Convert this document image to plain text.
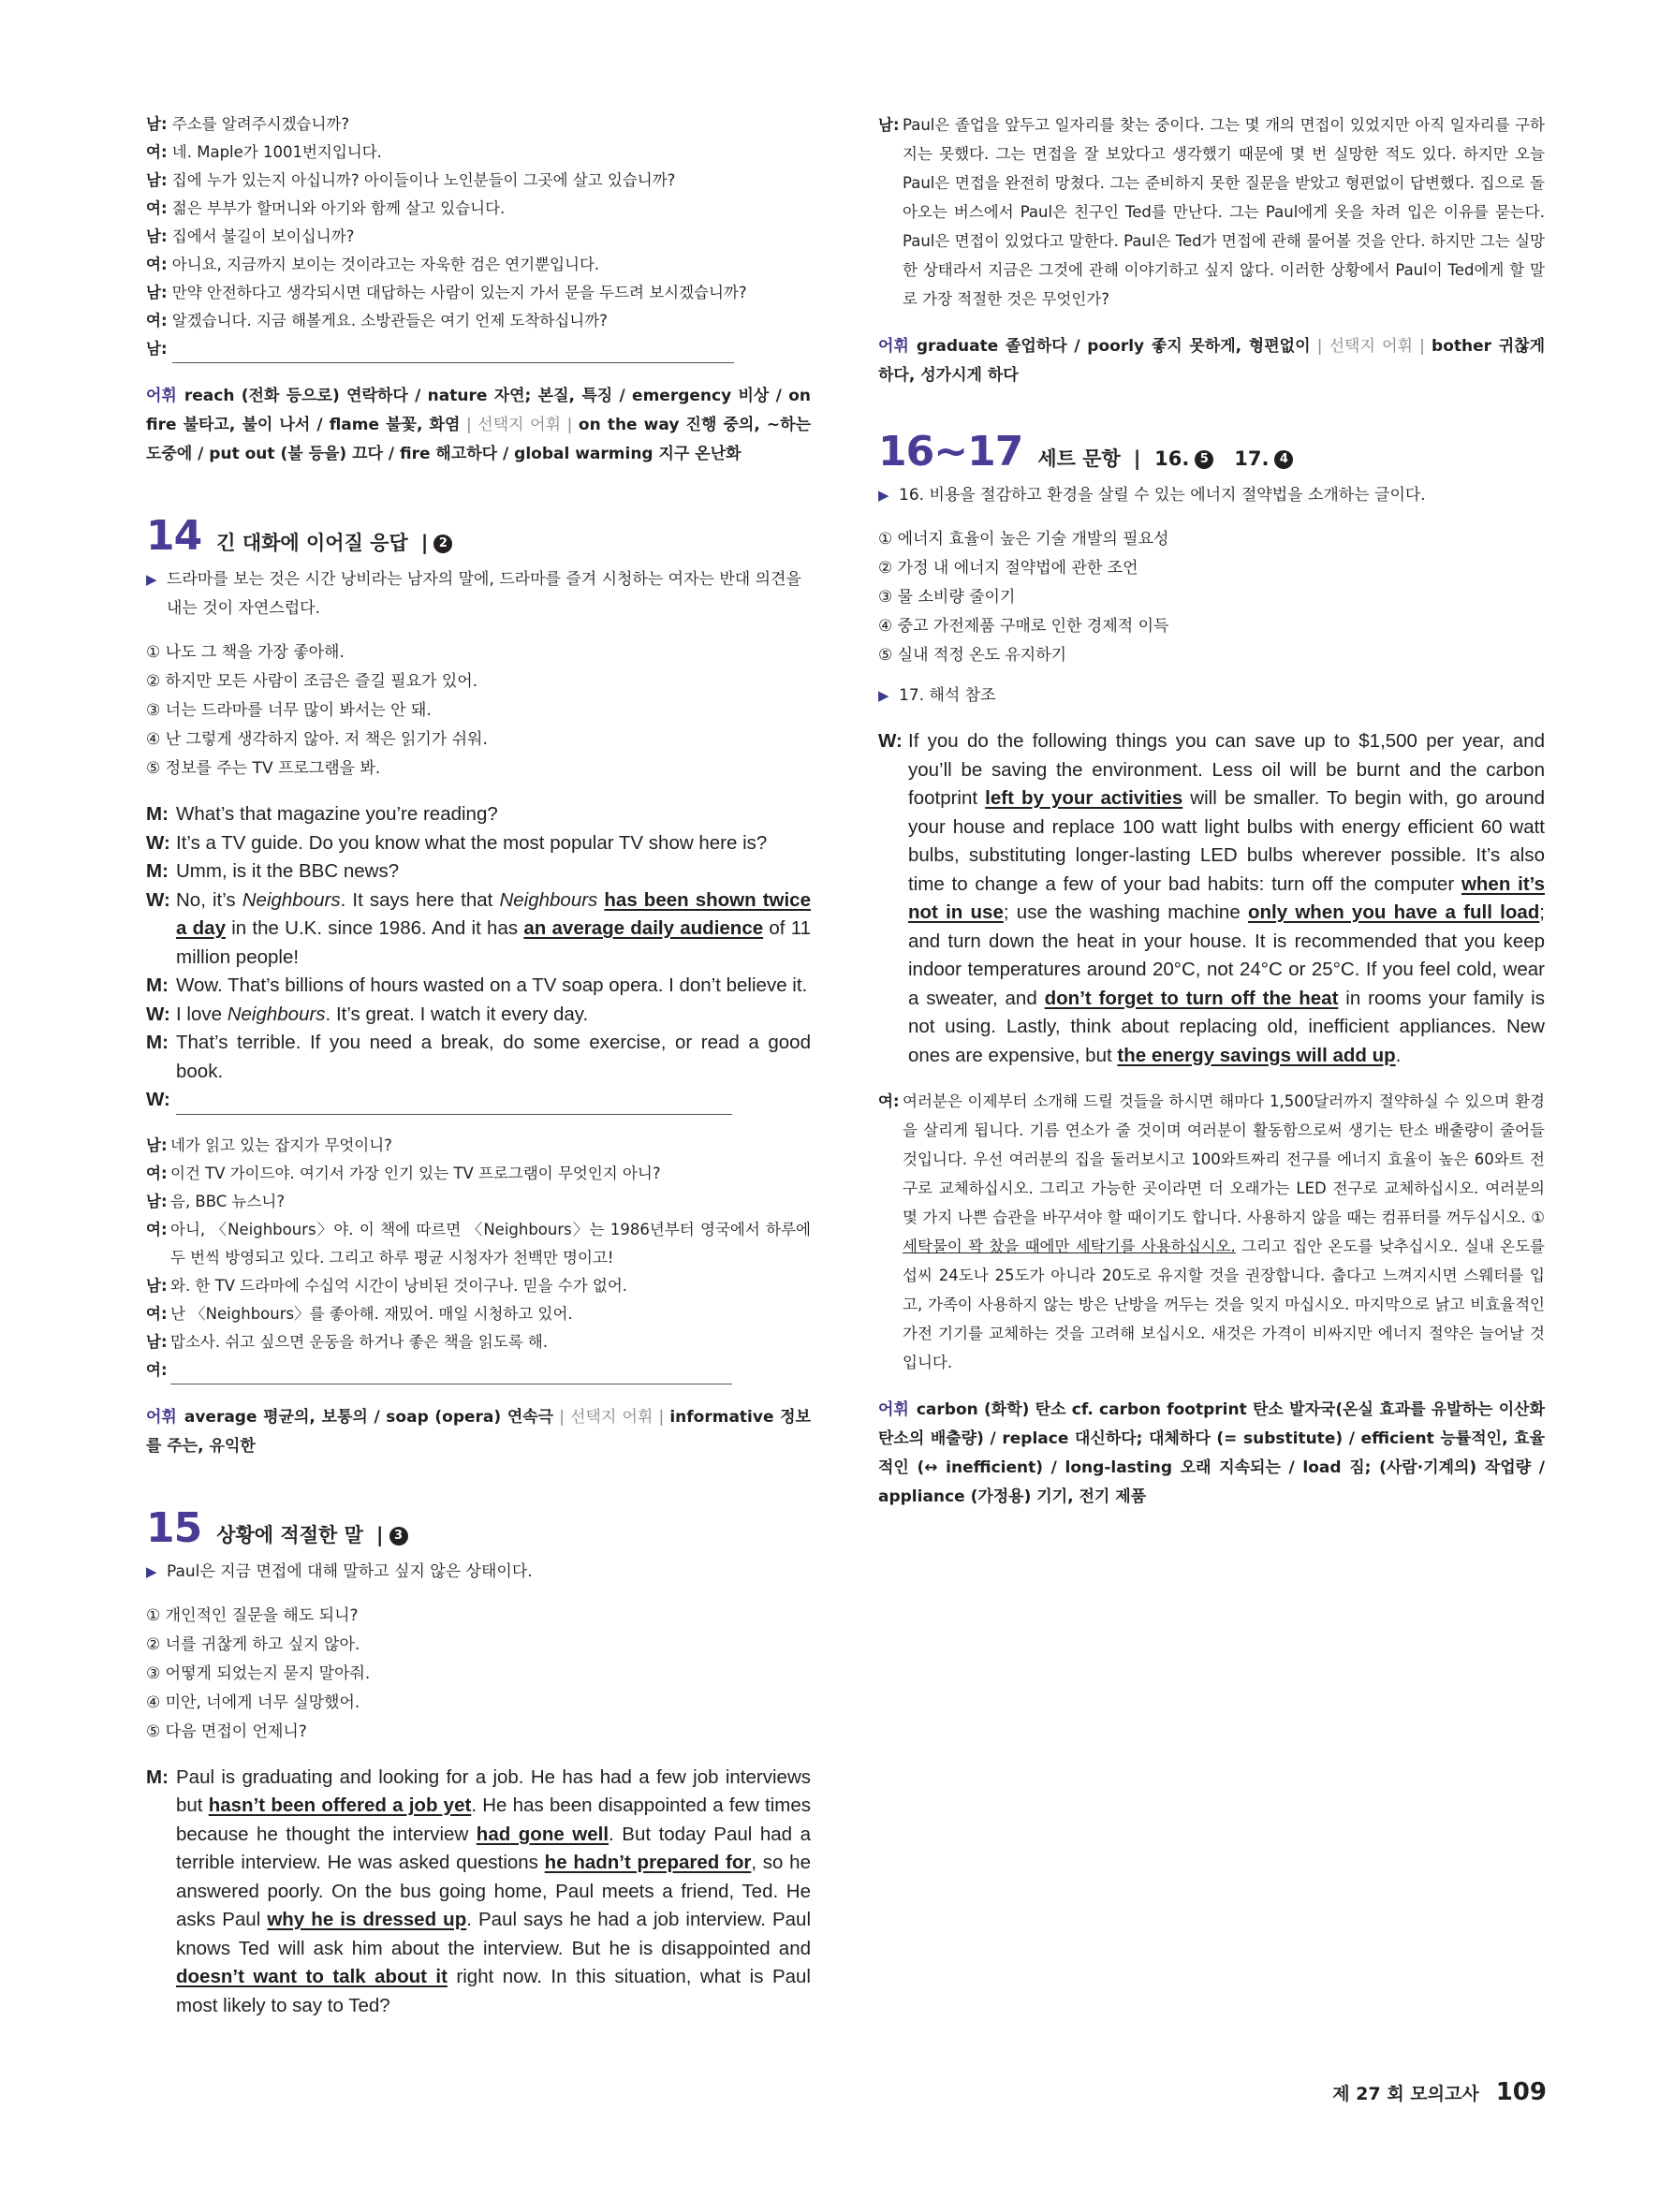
남: 주소를 알려주시겠습니까?
여: 네. Maple가 1001번지입니다.
남: 집에 누가 있는지 아십니까? 아이들이나 노인분들이 그곳에 살고 있습니까?
여: 젊은 부부가 할머니와 아기와 함께 살고 있습니다.
남: 집에서 불길이 보이십니까?
여: 아니요, 지금까지 보이는 것이라고는 자욱한 검은 연기뿐입니다.
남: 만약 안전하다고 생각되시면 대답하는 사람이 있는지 가서 문을 두드려 보시겠습니까?
여: 알겠습니다. 지금 해볼게요. 소방관들은 여기 언제 도착하십니까?
남:
어휘 reach (전화 등으로) 연락하다 / nature 자연; 본질, 특징 / emergency 비상 / on fire 불타고, 불이 나서 / flame 불꽃, 화염 | 선택지 어휘 | on the way 진행 중의, ~하는 도중에 / put out (불 등을) 끄다 / fire 해고하다 / global warming 지구 온난화
14 긴 대화에 이어질 응답 | 2
▶ 드라마를 보는 것은 시간 낭비라는 남자의 말에, 드라마를 즐겨 시청하는 여자는 반대 의견을 내는 것이 자연스럽다.
① 나도 그 책을 가장 좋아해.
② 하지만 모든 사람이 조금은 즐길 필요가 있어.
③ 너는 드라마를 너무 많이 봐서는 안 돼.
④ 난 그렇게 생각하지 않아. 저 책은 읽기가 쉬워.
⑤ 정보를 주는 TV 프로그램을 봐.
M: What’s that magazine you’re reading?
W: It’s a TV guide. Do you know what the most popular TV show here is?
M: Umm, is it the BBC news?
W: No, it’s Neighbours. It says here that Neighbours has been shown twice a day in the U.K. since 1986. And it has an average daily audience of 11 million people!
M: Wow. That’s billions of hours wasted on a TV soap opera. I don’t believe it.
W: I love Neighbours. It’s great. I watch it every day.
M: That’s terrible. If you need a break, do some exercise, or read a good book.
W:
남: 네가 읽고 있는 잡지가 무엇이니?
여: 이건 TV 가이드야. 여기서 가장 인기 있는 TV 프로그램이 무엇인지 아니?
남: 음, BBC 뉴스니?
여: 아니, 〈Neighbours〉야. 이 책에 따르면 〈Neighbours〉는 1986년부터 영국에서 하루에 두 번씩 방영되고 있다. 그리고 하루 평균 시청자가 천백만 명이고!
남: 와. 한 TV 드라마에 수십억 시간이 낭비된 것이구나. 믿을 수가 없어.
여: 난 〈Neighbours〉를 좋아해. 재밌어. 매일 시청하고 있어.
남: 맙소사. 쉬고 싶으면 운동을 하거나 좋은 책을 읽도록 해.
여:
어휘 average 평균의, 보통의 / soap (opera) 연속극 | 선택지 어휘 | informative 정보를 주는, 유익한
15 상황에 적절한 말 | 3
▶ Paul은 지금 면접에 대해 말하고 싶지 않은 상태이다.
① 개인적인 질문을 해도 되니?
② 너를 귀찮게 하고 싶지 않아.
③ 어떻게 되었는지 묻지 말아줘.
④ 미안, 너에게 너무 실망했어.
⑤ 다음 면접이 언제니?
M: Paul is graduating and looking for a job. He has had a few job interviews but hasn’t been offered a job yet. He has been disappointed a few times because he thought the interview had gone well. But today Paul had a terrible interview. He was asked questions he hadn’t prepared for, so he answered poorly. On the bus going home, Paul meets a friend, Ted. He asks Paul why he is dressed up. Paul says he had a job interview. Paul knows Ted will ask him about the interview. But he is disappointed and doesn’t want to talk about it right now. In this situation, what is Paul most likely to say to Ted?
남: Paul은 졸업을 앞두고 일자리를 찾는 중이다. 그는 몇 개의 면접이 있었지만 아직 일자리를 구하지는 못했다. 그는 면접을 잘 보았다고 생각했기 때문에 몇 번 실망한 적도 있다. 하지만 오늘 Paul은 면접을 완전히 망쳤다. 그는 준비하지 못한 질문을 받았고 형편없이 답변했다. 집으로 돌아오는 버스에서 Paul은 친구인 Ted를 만난다. 그는 Paul에게 옷을 차려 입은 이유를 묻는다. Paul은 면접이 있었다고 말한다. Paul은 Ted가 면접에 관해 물어볼 것을 안다. 하지만 그는 실망한 상태라서 지금은 그것에 관해 이야기하고 싶지 않다. 이러한 상황에서 Paul이 Ted에게 할 말로 가장 적절한 것은 무엇인가?
어휘 graduate 졸업하다 / poorly 좋지 못하게, 형편없이 | 선택지 어휘 | bother 귀찮게 하다, 성가시게 하다
16~17 세트 문항 | 16. 5 17. 4
▶ 16. 비용을 절감하고 환경을 살릴 수 있는 에너지 절약법을 소개하는 글이다.
① 에너지 효율이 높은 기술 개발의 필요성
② 가정 내 에너지 절약법에 관한 조언
③ 물 소비량 줄이기
④ 중고 가전제품 구매로 인한 경제적 이득
⑤ 실내 적정 온도 유지하기
▶ 17. 해석 참조
W: If you do the following things you can save up to $1,500 per year, and you’ll be saving the environment. Less oil will be burnt and the carbon footprint left by your activities will be smaller. To begin with, go around your house and replace 100 watt light bulbs with energy efficient 60 watt bulbs, substituting longer-lasting LED bulbs wherever possible. It’s also time to change a few of your bad habits: turn off the computer when it’s not in use; use the washing machine only when you have a full load; and turn down the heat in your house. It is recommended that you keep indoor temperatures around 20°C, not 24°C or 25°C. If you feel cold, wear a sweater, and don’t forget to turn off the heat in rooms your family is not using. Lastly, think about replacing old, inefficient appliances. New ones are expensive, but the energy savings will add up.
여: 여러분은 이제부터 소개해 드릴 것들을 하시면 해마다 1,500달러까지 절약하실 수 있으며 환경을 살리게 됩니다. 기름 연소가 줄 것이며 여러분이 활동함으로써 생기는 탄소 배출량이 줄어들 것입니다. 우선 여러분의 집을 둘러보시고 100와트짜리 전구를 에너지 효율이 높은 60와트 전구로 교체하십시오. 그리고 가능한 곳이라면 더 오래가는 LED 전구로 교체하십시오. 여러분의 몇 가지 나쁜 습관을 바꾸셔야 할 때이기도 합니다. 사용하지 않을 때는 컴퓨터를 꺼두십시오. ① 세탁물이 꽉 찼을 때에만 세탁기를 사용하십시오. 그리고 집안 온도를 낮추십시오. 실내 온도를 섭씨 24도나 25도가 아니라 20도로 유지할 것을 권장합니다. 춥다고 느껴지시면 스웨터를 입고, 가족이 사용하지 않는 방은 난방을 꺼두는 것을 잊지 마십시오. 마지막으로 낡고 비효율적인 가전 기기를 교체하는 것을 고려해 보십시오. 새것은 가격이 비싸지만 에너지 절약은 늘어날 것입니다.
어휘 carbon (화학) 탄소 cf. carbon footprint 탄소 발자국(온실 효과를 유발하는 이산화탄소의 배출량) / replace 대신하다; 대체하다 (= substitute) / efficient 능률적인, 효율적인 (↔ inefficient) / long-lasting 오래 지속되는 / load 짐; (사람·기계의) 작업량 / appliance (가정용) 기기, 전기 제품
제 27 회 모의고사 109
